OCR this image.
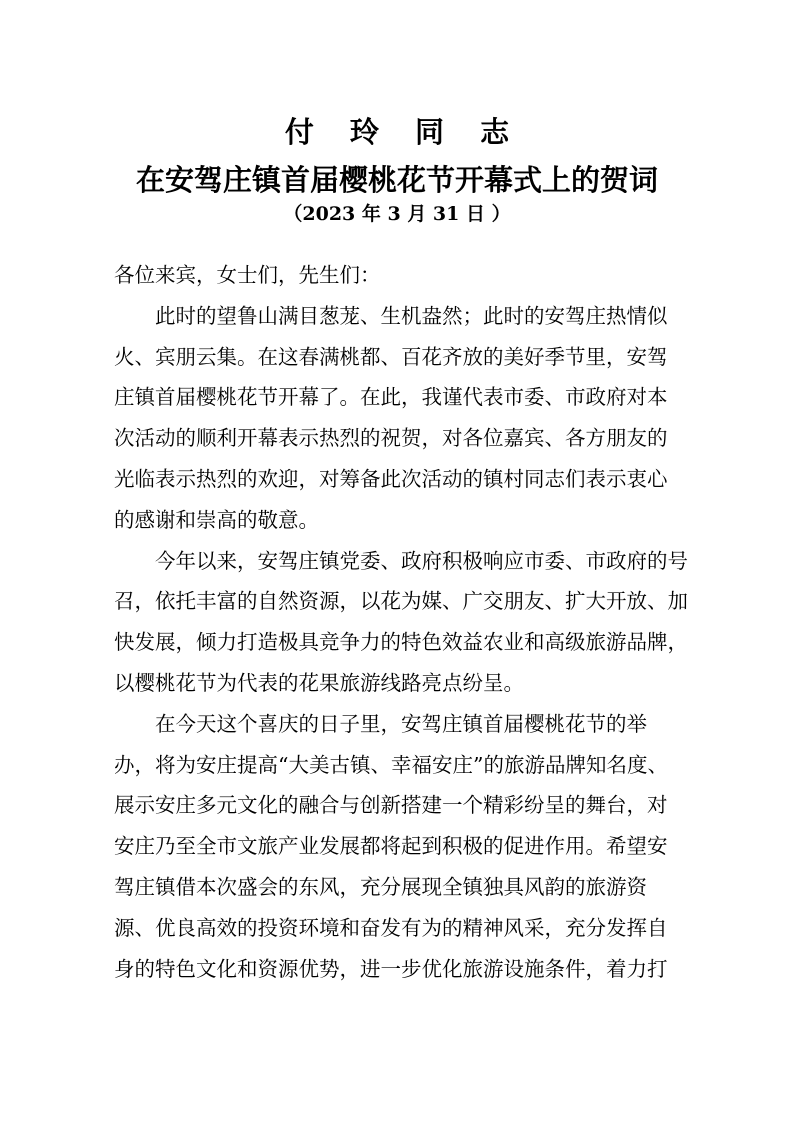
付 玲 同 志
在安驾庄镇首届樱桃花节开幕式上的贺词
（2023 年 3 月 31 日 ）
各位来宾，女士们，先生们：
此时的望鲁山满目葱茏、生机盎然；此时的安驾庄热情似
火、宾朋云集。在这春满桃都、百花齐放的美好季节里，安驾
庄镇首届樱桃花节开幕了。在此，我谨代表市委、市政府对本
次活动的顺利开幕表示热烈的祝贺，对各位嘉宾、各方朋友的
光临表示热烈的欢迎，对筹备此次活动的镇村同志们表示衷心
的感谢和崇高的敬意。
今年以来，安驾庄镇党委、政府积极响应市委、市政府的号
召，依托丰富的自然资源，以花为媒、广交朋友、扩大开放、加
快发展，倾力打造极具竞争力的特色效益农业和高级旅游品牌，
以樱桃花节为代表的花果旅游线路亮点纷呈。
在今天这个喜庆的日子里，安驾庄镇首届樱桃花节的举
办，将为安庄提高“大美古镇、幸福安庄”的旅游品牌知名度、
展示安庄多元文化的融合与创新搭建一个精彩纷呈的舞台，对
安庄乃至全市文旅产业发展都将起到积极的促进作用。希望安
驾庄镇借本次盛会的东风，充分展现全镇独具风韵的旅游资
源、优良高效的投资环境和奋发有为的精神风采，充分发挥自
身的特色文化和资源优势，进一步优化旅游设施条件，着力打
